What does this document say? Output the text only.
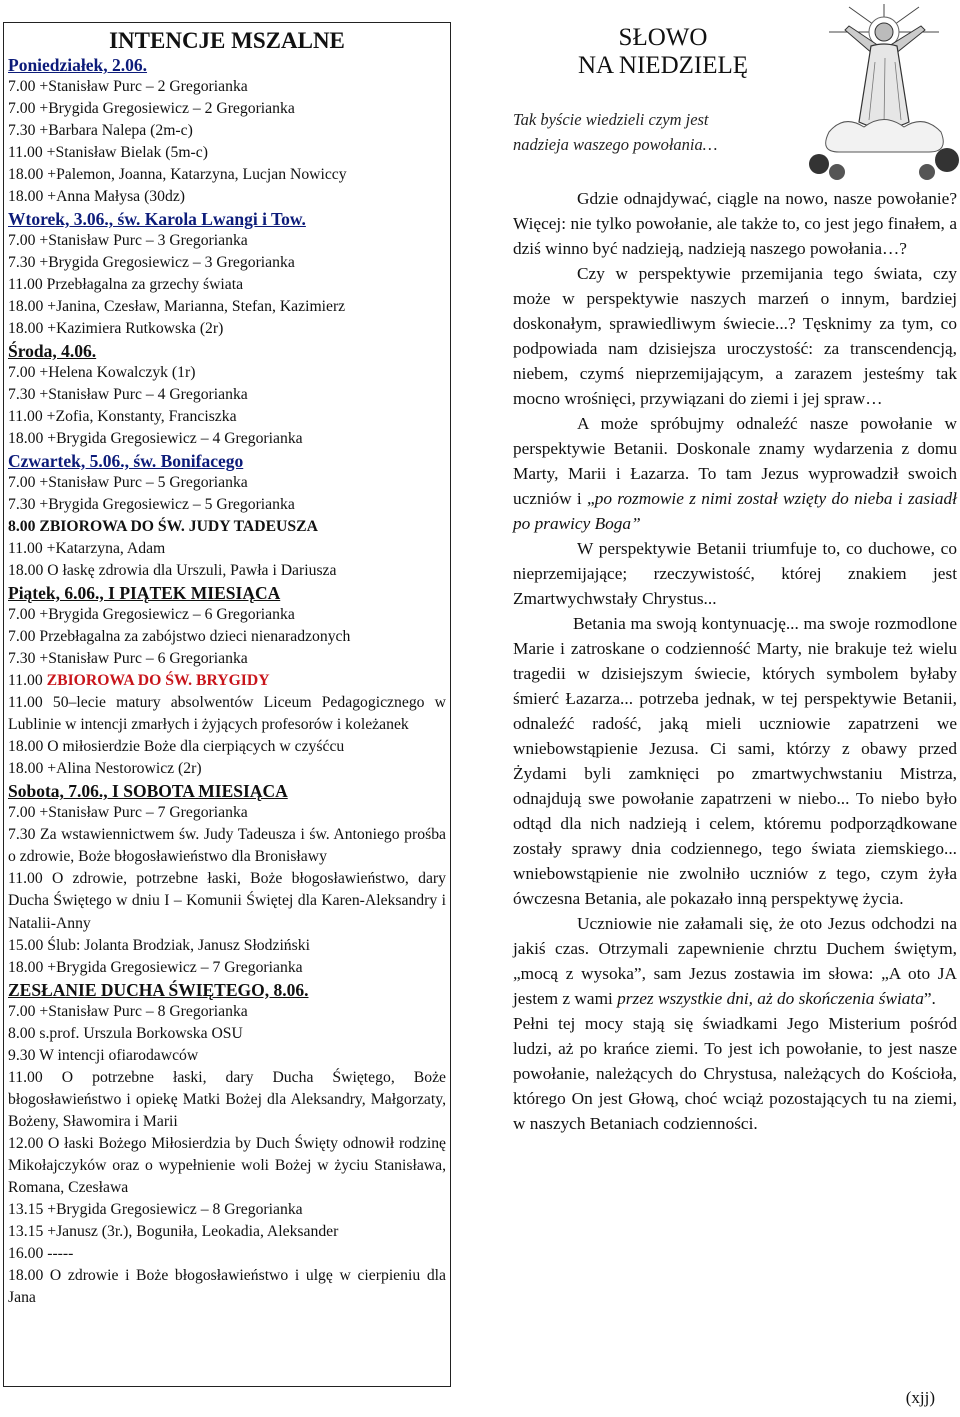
INTENCJE MSZALNE
Poniedziałek, 2.06.
7.00 +Stanisław Purc – 2 Gregorianka
7.00 +Brygida Gregosiewicz – 2 Gregorianka
7.30 +Barbara Nalepa (2m-c)
11.00 +Stanisław Bielak (5m-c)
18.00 +Palemon, Joanna, Katarzyna, Lucjan Nowiccy
18.00 +Anna Małysa (30dz)
Wtorek, 3.06., św. Karola Lwangi i Tow.
7.00 +Stanisław Purc – 3 Gregorianka
7.30 +Brygida Gregosiewicz – 3 Gregorianka
11.00 Przebłagalna za grzechy świata
18.00 +Janina, Czesław, Marianna, Stefan, Kazimierz
18.00 +Kazimiera Rutkowska (2r)
Środa, 4.06.
7.00 +Helena Kowalczyk (1r)
7.30 +Stanisław Purc – 4 Gregorianka
11.00 +Zofia, Konstanty, Franciszka
18.00 +Brygida Gregosiewicz – 4 Gregorianka
Czwartek, 5.06., św. Bonifacego
7.00 +Stanisław Purc – 5 Gregorianka
7.30 +Brygida Gregosiewicz – 5 Gregorianka
8.00 ZBIOROWA DO ŚW. JUDY TADEUSZA
11.00 +Katarzyna, Adam
18.00 O łaskę zdrowia dla Urszuli, Pawła i Dariusza
Piątek, 6.06., I PIĄTEK MIESIĄCA
7.00 +Brygida Gregosiewicz – 6 Gregorianka
7.00 Przebłagalna za zabójstwo dzieci nienaradzonych
7.30 +Stanisław Purc – 6 Gregorianka
11.00 ZBIOROWA DO ŚW. BRYGIDY
11.00 50–lecie matury absolwentów Liceum Pedagogicznego w Lublinie w intencji zmarłych i żyjących profesorów i koleżanek
18.00 O miłosierdzie Boże dla cierpiących w czyśćcu
18.00 +Alina Nestorowicz (2r)
Sobota, 7.06., I SOBOTA MIESIĄCA
7.00 +Stanisław Purc – 7 Gregorianka
7.30 Za wstawiennictwem św. Judy Tadeusza i św. Antoniego prośba o zdrowie, Boże błogosławieństwo dla Bronisławy
11.00 O zdrowie, potrzebne łaski, Boże błogosławieństwo, dary Ducha Świętego w dniu I – Komunii Świętej dla Karen-Aleksandry i Natalii-Anny
15.00 Ślub: Jolanta Brodziak, Janusz Słodziński
18.00 +Brygida Gregosiewicz – 7 Gregorianka
ZESŁANIE DUCHA ŚWIĘTEGO, 8.06.
7.00 +Stanisław Purc – 8 Gregorianka
8.00 s.prof. Urszula Borkowska OSU
9.30 W intencji ofiarodawców
11.00 O potrzebne łaski, dary Ducha Świętego, Boże błogosławieństwo i opiekę Matki Bożej dla Aleksandry, Małgorzaty, Bożeny, Sławomira i Marii
12.00 O łaski Bożego Miłosierdzia by Duch Święty odnowił rodzinę Mikołajczyków oraz o wypełnienie woli Bożej w życiu Stanisława, Romana, Czesława
13.15 +Brygida Gregosiewicz – 8 Gregorianka
13.15 +Janusz (3r.), Boguniła, Leokadia, Aleksander
16.00 -----
18.00 O zdrowie i Boże błogosławieństwo i ulgę w cierpieniu dla Jana
SŁOWO
NA NIEDZIELĘ
Tak byście wiedzieli czym jest
nadzieja waszego powołania…

Gdzie odnajdywać, ciągle na nowo, nasze powołanie? Więcej: nie tylko powołanie, ale także to, co jest jego finałem, a dziś winno być nadzieją, nadzieją naszego powołania…?

Czy w perspektywie przemijania tego świata, czy może w perspektywie naszych marzeń o innym, bardziej doskonałym, sprawiedliwym świecie...? Tęsknimy za tym, co podpowiada nam dzisiejsza uroczystość: za transcendencją, niebem, czymś nieprzemijającym, a zarazem jesteśmy tak mocno wrośnięci, przywiązani do ziemi i jej spraw…

A może spróbujmy odnaleźć nasze powołanie w perspektywie Betanii. Doskonale znamy wydarzenia z domu Marty, Marii i Łazarza. To tam Jezus wyprowadził swoich uczniów i „po rozmowie z nimi został wzięty do nieba i zasiadł po prawicy Boga”

W perspektywie Betanii triumfuje to, co duchowe, co nieprzemijające; rzeczywistość, której znakiem jest Zmartwychwstały Chrystus...

Betania ma swoją kontynuację... ma swoje rozmodlone Marie i zatroskane o codzienność Marty, nie brakuje też wielu tragedii w dzisiejszym świecie, których symbolem byłaby śmierć Łazarza... potrzeba jednak, w tej perspektywie Betanii, odnaleźć radość, jaką mieli uczniowie zapatrzeni we wniebowstąpienie Jezusa. Ci sami, którzy z obawy przed Żydami byli zamknięci po zmartwychwstaniu Mistrza, odnajdują swe powołanie zapatrzeni w niebo... To niebo było odtąd dla nich nadzieją i celem, któremu podporządkowane zostały sprawy dnia codziennego, tego świata ziemskiego... wniebowstąpienie nie zwolniło uczniów z tego, czym żyła ówczesna Betania, ale pokazało inną perspektywę życia.

Uczniowie nie załamali się, że oto Jezus odchodzi na jakiś czas. Otrzymali zapewnienie chrztu Duchem świętym, „mocą z wysoka”, sam Jezus zostawia im słowa: „A oto JA jestem z wami przez wszystkie dni, aż do skończenia świata”.

Pełni tej mocy stają się świadkami Jego Misterium pośród ludzi, aż po krańce ziemi. To jest ich powołanie, to jest nasze powołanie, należących do Chrystusa, należących do Kościoła, którego On jest Głową, choć wciąż pozostających tu na ziemi, w naszych Betaniach codzienności.

(xjj)
